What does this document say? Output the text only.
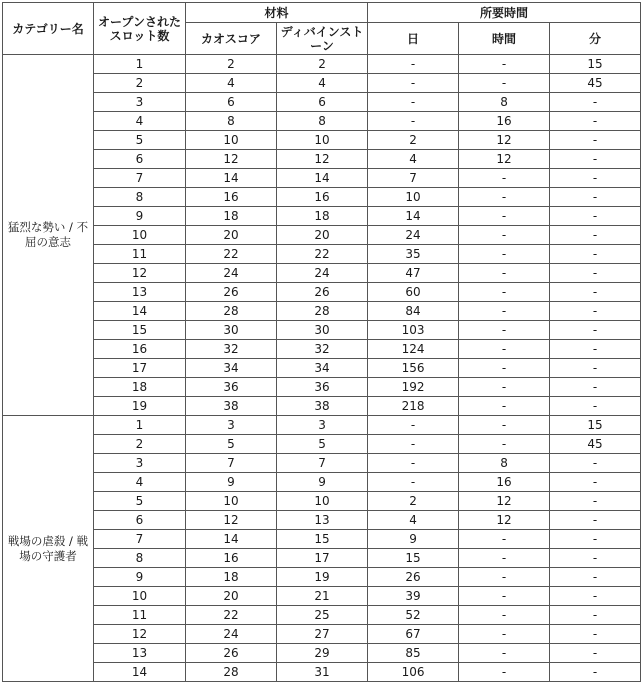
カテゴリー名	オープンされたスロット数	材料		所要時間		
		カオスコア	ディバインストーン	日	時間	分
猛烈な勢い / 不屈の意志	1	2	2	-	-	15
	2	4	4	-	-	45
	3	6	6	-	8	-
	4	8	8	-	16	-
	5	10	10	2	12	-
	6	12	12	4	12	-
	7	14	14	7	-	-
	8	16	16	10	-	-
	9	18	18	14	-	-
	10	20	20	24	-	-
	11	22	22	35	-	-
	12	24	24	47	-	-
	13	26	26	60	-	-
	14	28	28	84	-	-
	15	30	30	103	-	-
	16	32	32	124	-	-
	17	34	34	156	-	-
	18	36	36	192	-	-
	19	38	38	218	-	-
戦場の虐殺 / 戦場の守護者	1	3	3	-	-	15
	2	5	5	-	-	45
	3	7	7	-	8	-
	4	9	9	-	16	-
	5	10	10	2	12	-
	6	12	13	4	12	-
	7	14	15	9	-	-
	8	16	17	15	-	-
	9	18	19	26	-	-
	10	20	21	39	-	-
	11	22	25	52	-	-
	12	24	27	67	-	-
	13	26	29	85	-	-
	14	28	31	106	-	-
